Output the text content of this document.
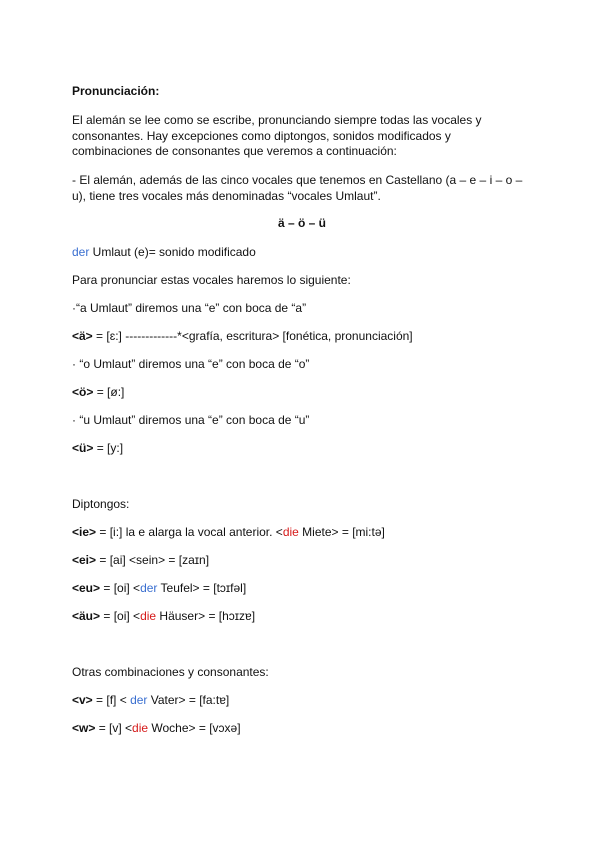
Pronunciación:

El alemán se lee como se escribe, pronunciando siempre todas las vocales y consonantes. Hay excepciones como diptongos, sonidos modificados y combinaciones de consonantes que veremos a continuación:

- El alemán, además de las cinco vocales que tenemos en Castellano (a – e – i – o – u), tiene tres vocales más denominadas “vocales Umlaut”.

ä – ö – ü

der Umlaut (e)= sonido modificado

Para pronunciar estas vocales haremos lo siguiente:

·“a Umlaut” diremos una “e” con boca de “a”

<ä> = [ɛ:] -------------*<grafía, escritura> [fonética, pronunciación]

· “o Umlaut” diremos una “e” con boca de “o”

<ö> = [ø:]

· “u Umlaut” diremos una “e” con boca de “u”

<ü> = [y:]

Diptongos:

<ie> = [i:] la e alarga la vocal anterior. <die Miete> = [mi:tə]

<ei> = [ai] <sein> = [zaɪn]

<eu> = [oi] <der Teufel> = [tɔɪfəl]

<äu> = [oi] <die Häuser> = [hɔɪzɐ]

Otras combinaciones y consonantes:

<v> = [f] < der Vater> = [fa:tɐ]

<w> = [v] <die Woche> = [vɔxə]
